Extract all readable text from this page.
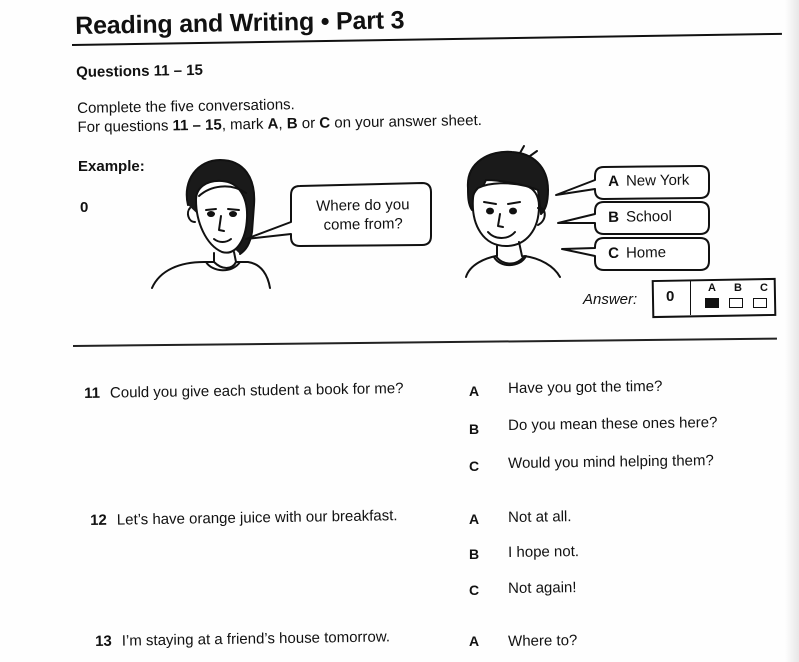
Reading and Writing • Part 3
Questions 11 – 15
Complete the five conversations.
For questions 11 – 15, mark A, B or C on your answer sheet.
Example:
0	Where do you
come from?
A New York
B School
C Home
Answer: 0	A B C
11 Could you give each student a book for me?	A Have you got the time?
B Do you mean these ones here?
C Would you mind helping them?
12 Let’s have orange juice with our breakfast.	A Not at all.
B I hope not.
C Not again!
13 I’m staying at a friend’s house tomorrow.	A Where to?
